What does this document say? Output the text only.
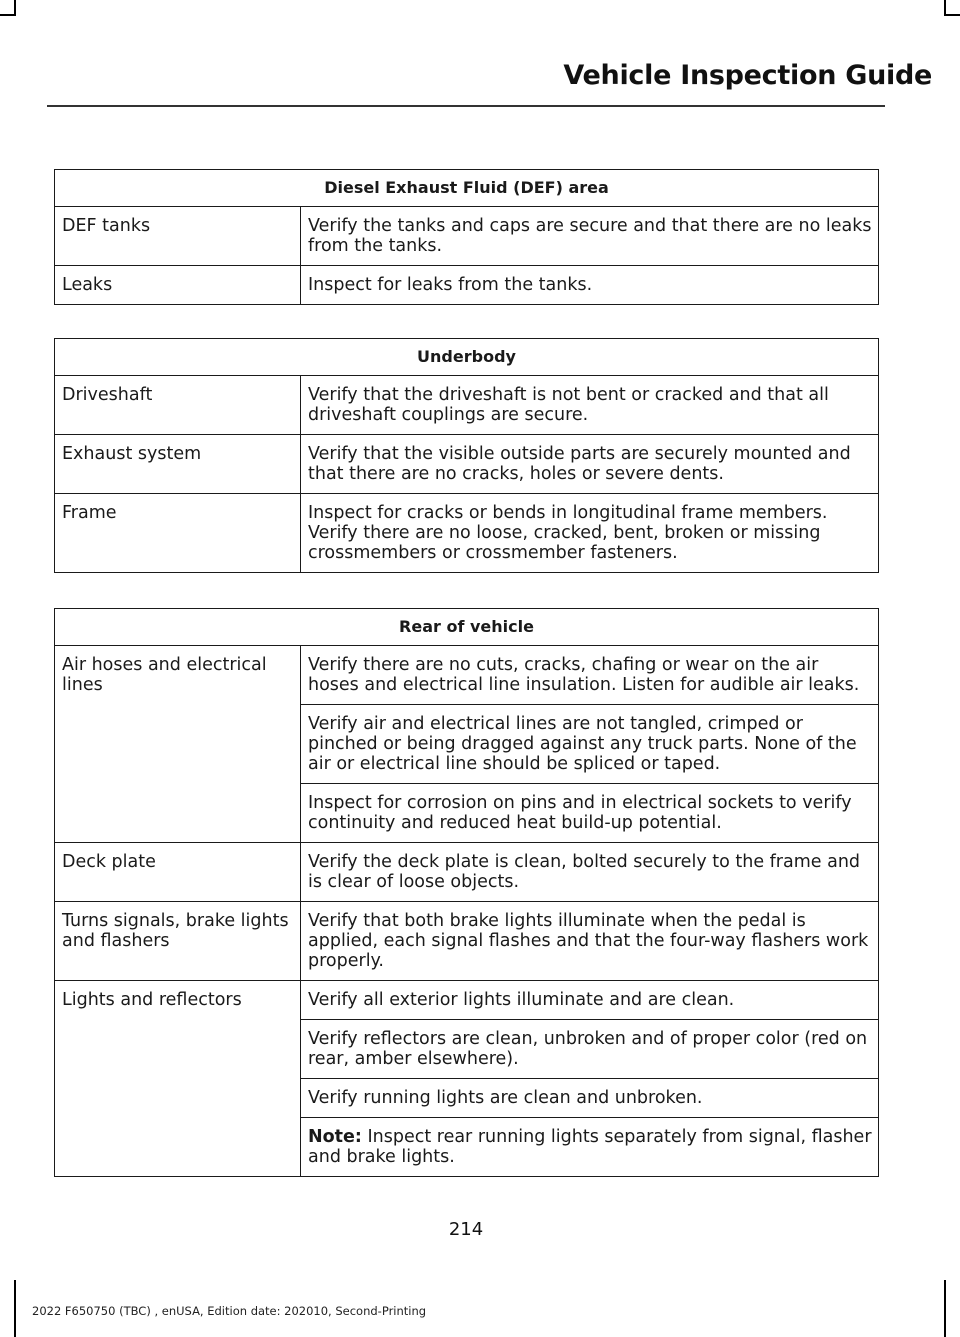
Vehicle Inspection Guide
Diesel Exhaust Fluid (DEF) area	
DEF tanks	Verify the tanks and caps are secure and that there are no leaks from the tanks.
Leaks	Inspect for leaks from the tanks.
Underbody	
Driveshaft	Verify that the driveshaft is not bent or cracked and that all driveshaft couplings are secure.
Exhaust system	Verify that the visible outside parts are securely mounted and that there are no cracks, holes or severe dents.
Frame	Inspect for cracks or bends in longitudinal frame members. Verify there are no loose, cracked, bent, broken or missing crossmembers or crossmember fasteners.
Rear of vehicle	
Air hoses and electrical lines	Verify there are no cuts, cracks, chafing or wear on the air hoses and electrical line insulation. Listen for audible air leaks.
	Verify air and electrical lines are not tangled, crimped or pinched or being dragged against any truck parts. None of the air or electrical line should be spliced or taped.
	Inspect for corrosion on pins and in electrical sockets to verify continuity and reduced heat build-up potential.
Deck plate	Verify the deck plate is clean, bolted securely to the frame and is clear of loose objects.
Turns signals, brake lights and flashers	Verify that both brake lights illuminate when the pedal is applied, each signal flashes and that the four-way flashers work properly.
Lights and reflectors	Verify all exterior lights illuminate and are clean.
	Verify reflectors are clean, unbroken and of proper color (red on rear, amber elsewhere).
	Verify running lights are clean and unbroken.
	Note: Inspect rear running lights separately from signal, flasher and brake lights.
214
2022 F650750 (TBC) , enUSA, Edition date: 202010, Second-Printing
